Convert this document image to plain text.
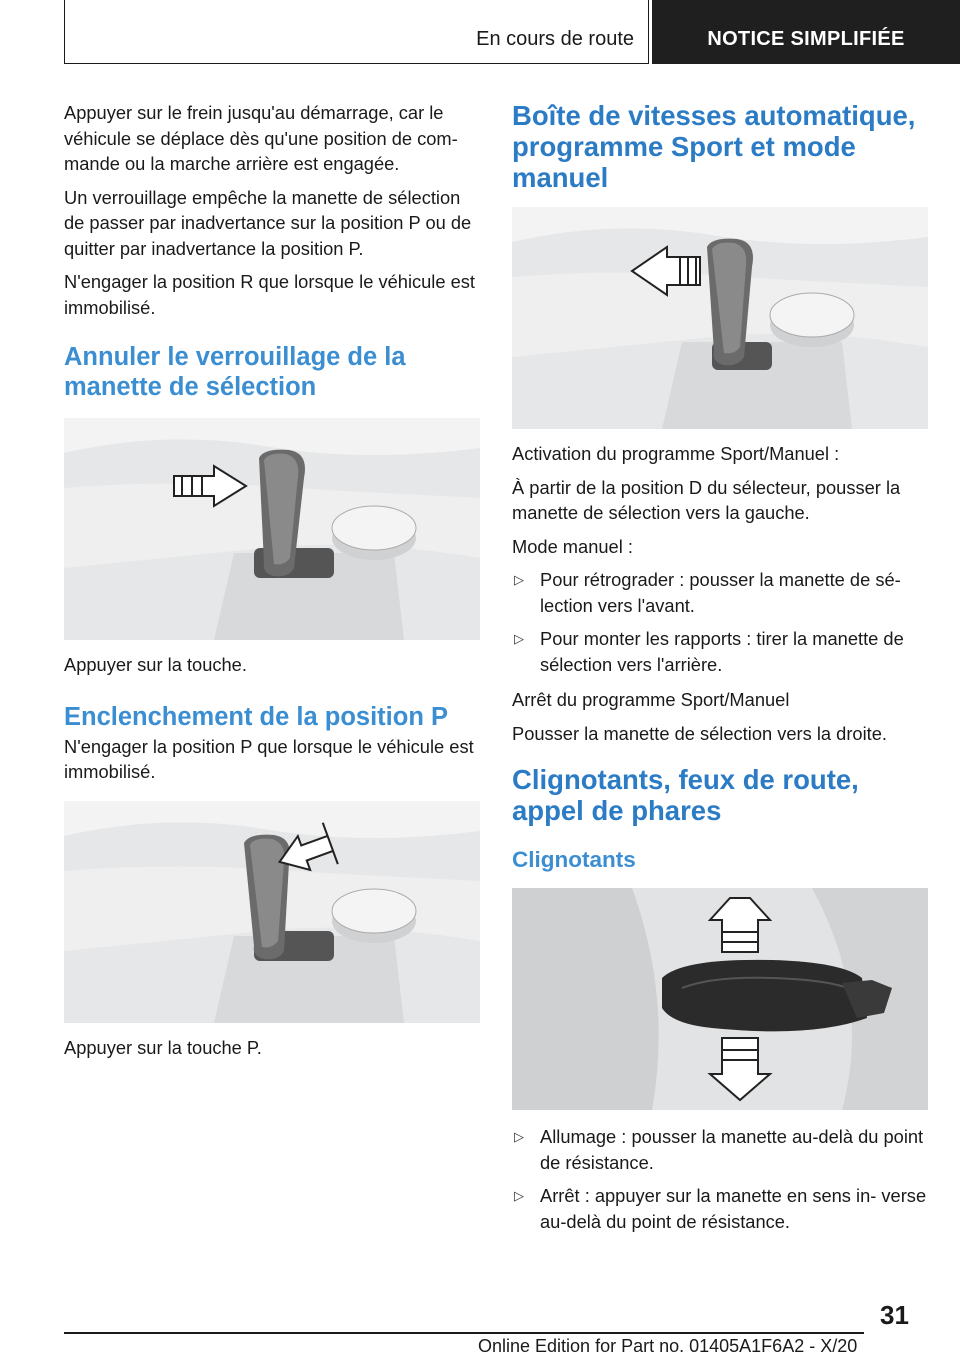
En cours de route	NOTICE SIMPLIFIÉE

Appuyer sur le frein jusqu'au démarrage, car le véhicule se déplace dès qu'une position de com‐ mande ou la marche arrière est engagée.

Un verrouillage empêche la manette de sélection de passer par inadvertance sur la position P ou de quitter par inadvertance la position P.

N'engager la position R que lorsque le véhicule est immobilisé.

Annuler le verrouillage de la manette de sélection

Appuyer sur la touche.

Enclenchement de la position P

N'engager la position P que lorsque le véhicule est immobilisé.

Appuyer sur la touche P.

Boîte de vitesses automatique, programme Sport et mode manuel

Activation du programme Sport/Manuel :

À partir de la position D du sélecteur, pousser la manette de sélection vers la gauche.

Mode manuel :

▷ Pour rétrograder : pousser la manette de sé‐ lection vers l'avant.
▷ Pour monter les rapports : tirer la manette de sélection vers l'arrière.

Arrêt du programme Sport/Manuel

Pousser la manette de sélection vers la droite.

Clignotants, feux de route, appel de phares
Clignotants
▷ Allumage : pousser la manette au-delà du point de résistance.
▷ Arrêt : appuyer sur la manette en sens in‐ verse au-delà du point de résistance.
31
Online Edition for Part no. 01405A1F6A2 - X/20
